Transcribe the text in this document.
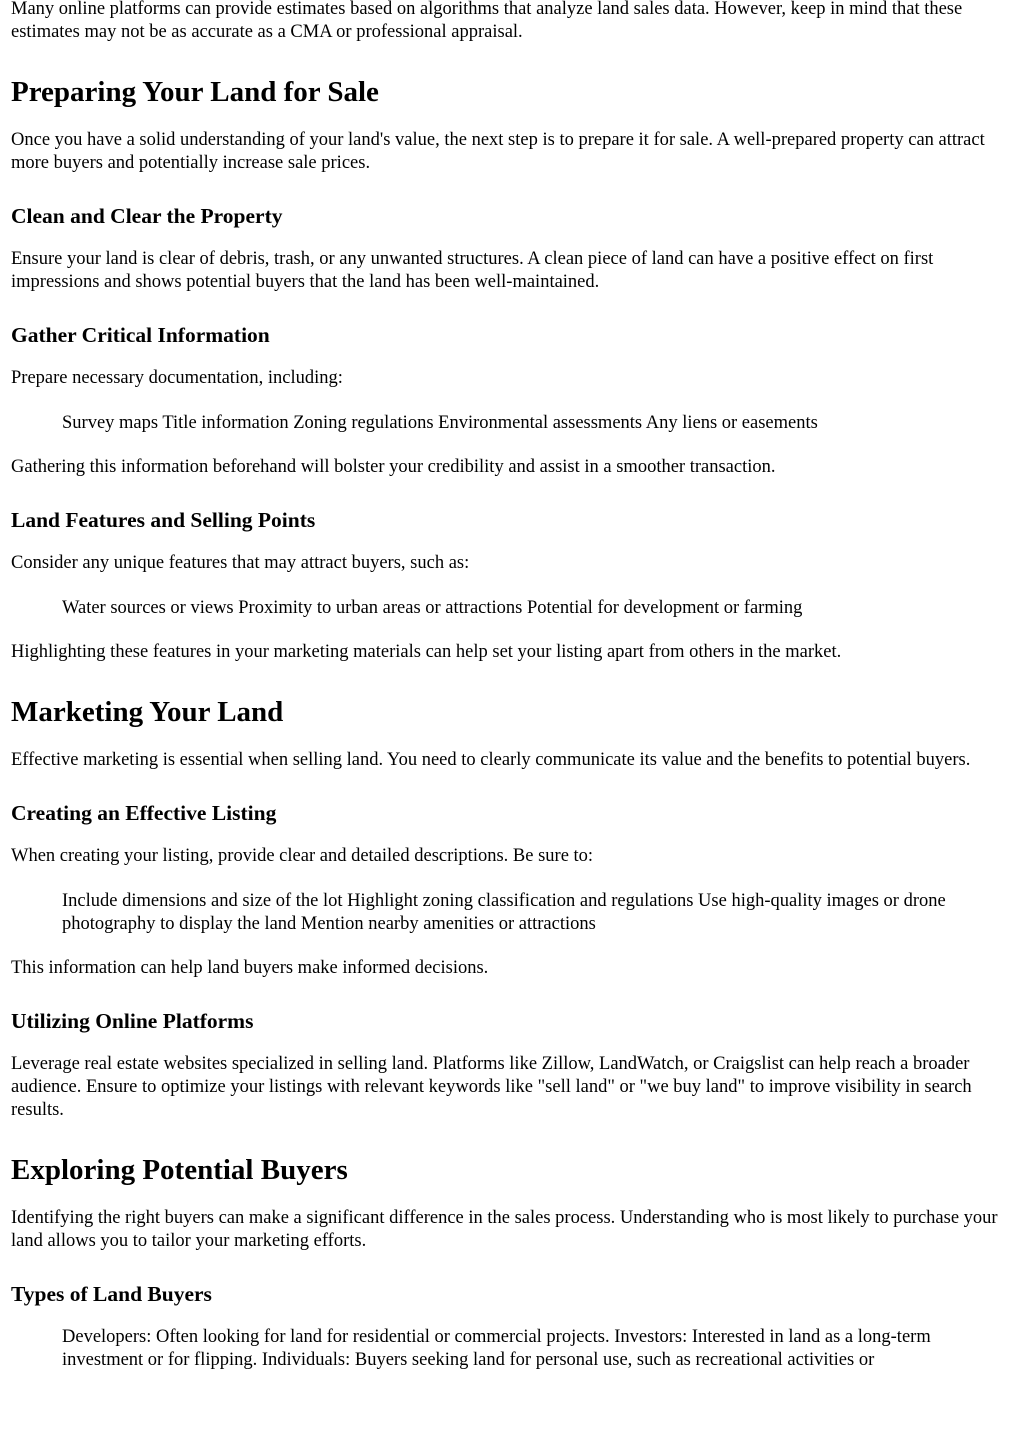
Many online platforms can provide estimates based on algorithms that analyze land sales data. However, keep in mind that these estimates may not be as accurate as a CMA or professional appraisal.

Preparing Your Land for Sale

Once you have a solid understanding of your land's value, the next step is to prepare it for sale. A well-prepared property can attract more buyers and potentially increase sale prices.

Clean and Clear the Property

Ensure your land is clear of debris, trash, or any unwanted structures. A clean piece of land can have a positive effect on first impressions and shows potential buyers that the land has been well-maintained.

Gather Critical Information

Prepare necessary documentation, including:

Survey maps Title information Zoning regulations Environmental assessments Any liens or easements

Gathering this information beforehand will bolster your credibility and assist in a smoother transaction.

Land Features and Selling Points

Consider any unique features that may attract buyers, such as:

Water sources or views Proximity to urban areas or attractions Potential for development or farming

Highlighting these features in your marketing materials can help set your listing apart from others in the market.

Marketing Your Land

Effective marketing is essential when selling land. You need to clearly communicate its value and the benefits to potential buyers.

Creating an Effective Listing

When creating your listing, provide clear and detailed descriptions. Be sure to:

Include dimensions and size of the lot Highlight zoning classification and regulations Use high-quality images or drone photography to display the land Mention nearby amenities or attractions

This information can help land buyers make informed decisions.

Utilizing Online Platforms

Leverage real estate websites specialized in selling land. Platforms like Zillow, LandWatch, or Craigslist can help reach a broader audience. Ensure to optimize your listings with relevant keywords like "sell land" or "we buy land" to improve visibility in search results.

Exploring Potential Buyers

Identifying the right buyers can make a significant difference in the sales process. Understanding who is most likely to purchase your land allows you to tailor your marketing efforts.

Types of Land Buyers
Developers: Often looking for land for residential or commercial projects. Investors: Interested in land as a long-term investment or for flipping. Individuals: Buyers seeking land for personal use, such as recreational activities or
